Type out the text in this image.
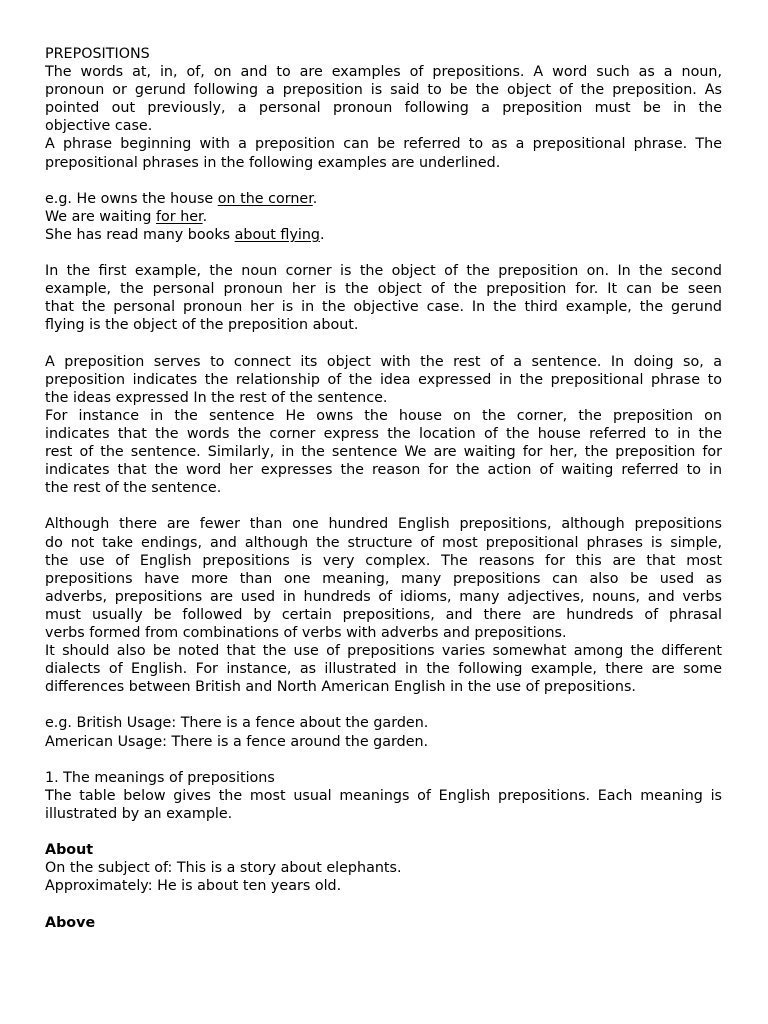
PREPOSITIONS
The words at, in, of, on and to are examples of prepositions. A word such as a noun,
pronoun or gerund following a preposition is said to be the object of the preposition. As
pointed out previously, a personal pronoun following a preposition must be in the
objective case.
A phrase beginning with a preposition can be referred to as a prepositional phrase. The
prepositional phrases in the following examples are underlined.
e.g. He owns the house on the corner.
We are waiting for her.
She has read many books about flying.
In the first example, the noun corner is the object of the preposition on. In the second
example, the personal pronoun her is the object of the preposition for. It can be seen
that the personal pronoun her is in the objective case. In the third example, the gerund
flying is the object of the preposition about.
A preposition serves to connect its object with the rest of a sentence. In doing so, a
preposition indicates the relationship of the idea expressed in the prepositional phrase to
the ideas expressed In the rest of the sentence.
For instance in the sentence He owns the house on the corner, the preposition on
indicates that the words the corner express the location of the house referred to in the
rest of the sentence. Similarly, in the sentence We are waiting for her, the preposition for
indicates that the word her expresses the reason for the action of waiting referred to in
the rest of the sentence.
Although there are fewer than one hundred English prepositions, although prepositions
do not take endings, and although the structure of most prepositional phrases is simple,
the use of English prepositions is very complex. The reasons for this are that most
prepositions have more than one meaning, many prepositions can also be used as
adverbs, prepositions are used in hundreds of idioms, many adjectives, nouns, and verbs
must usually be followed by certain prepositions, and there are hundreds of phrasal
verbs formed from combinations of verbs with adverbs and prepositions.
It should also be noted that the use of prepositions varies somewhat among the different
dialects of English. For instance, as illustrated in the following example, there are some
differences between British and North American English in the use of prepositions.
e.g. British Usage: There is a fence about the garden.
American Usage: There is a fence around the garden.
1. The meanings of prepositions
The table below gives the most usual meanings of English prepositions. Each meaning is
illustrated by an example.
About
On the subject of: This is a story about elephants.
Approximately: He is about ten years old.
Above
